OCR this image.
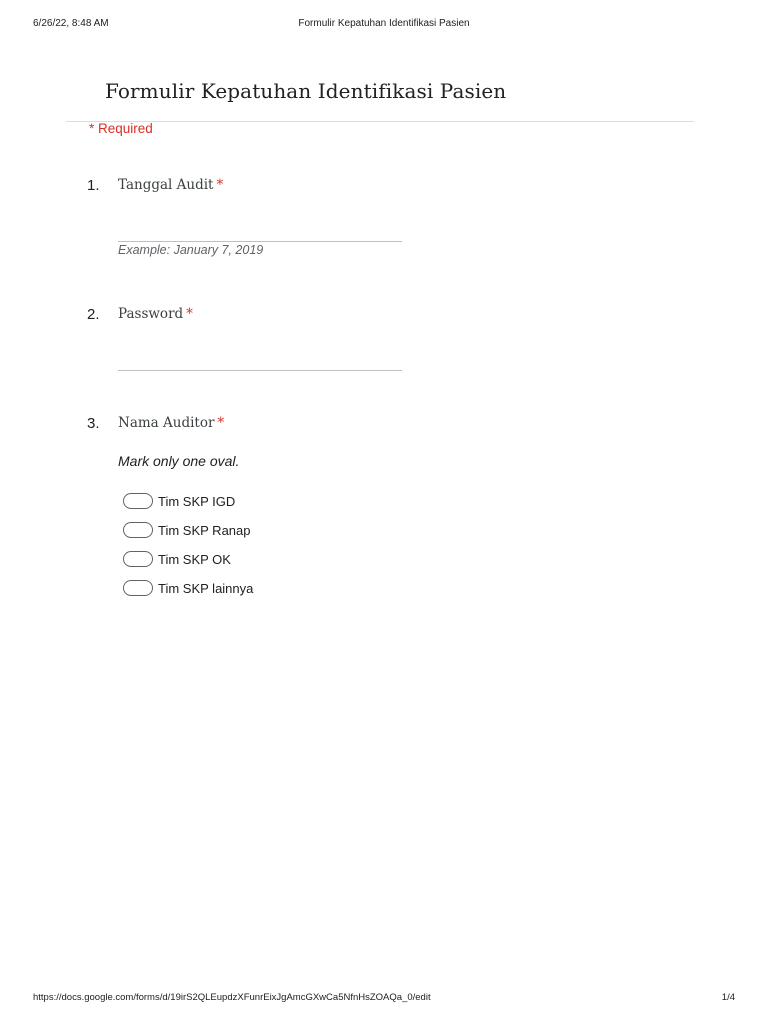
6/26/22, 8:48 AM	Formulir Kepatuhan Identifikasi Pasien
Formulir Kepatuhan Identifikasi Pasien
* Required
1. Tanggal Audit *
Example: January 7, 2019
2. Password *
3. Nama Auditor *
Mark only one oval.
Tim SKP IGD
Tim SKP Ranap
Tim SKP OK
Tim SKP lainnya
https://docs.google.com/forms/d/19irS2QLEupdzXFunrEixJgAmcGXwCa5NfnHsZOAQa_0/edit	1/4
